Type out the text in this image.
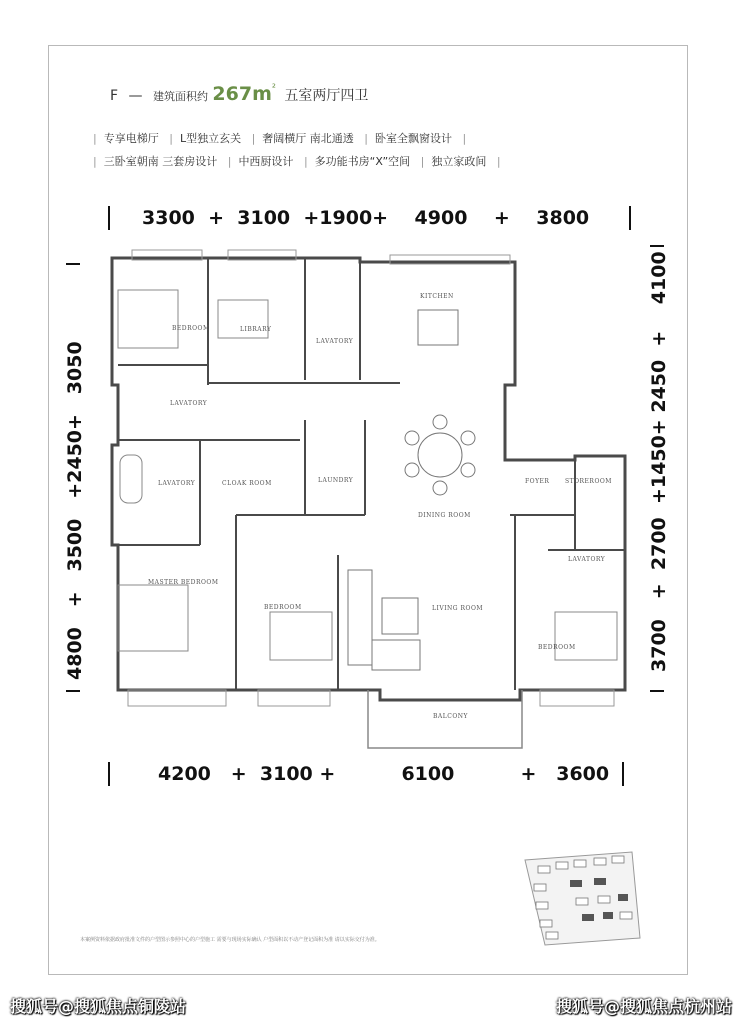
F — 建筑面积约 $267m^{^2}$ 五室两厅四卫
| 专享电梯厅 | L型独立玄关 | 奢阔横厅 南北通透 | 卧室全飘窗设计 |
| 三卧室朝南 三套房设计 | 中西厨设计 | 多功能书房“X”空间 | 独立家政间 |
3300  +  3100  +1900+    4900    +    3800
4200   +  3100 +          6100          +   3600
4800   +   3500   +2450+   3050	3700   +  2700  +1450+ 2450  +    4100
BEDROOM	LIBRARY
LAVATORY
KITCHEN
LAVATORY
LAVATORY	CLOAK ROOM	LAUNDRY
DINING ROOM
FOYER	STOREROOM
LAVATORY
MASTER BEDROOM
BEDROOM	LIVING ROOM
BEDROOM
BALCONY
本案例资料依据政府批准文件的户型图示参照中心的户型施工 需要与现场实际确认 户型面积以不动产登记面积为准 请以实际交付为准。
搜狐号@搜狐焦点铜陵站	搜狐号@搜狐焦点杭州站
